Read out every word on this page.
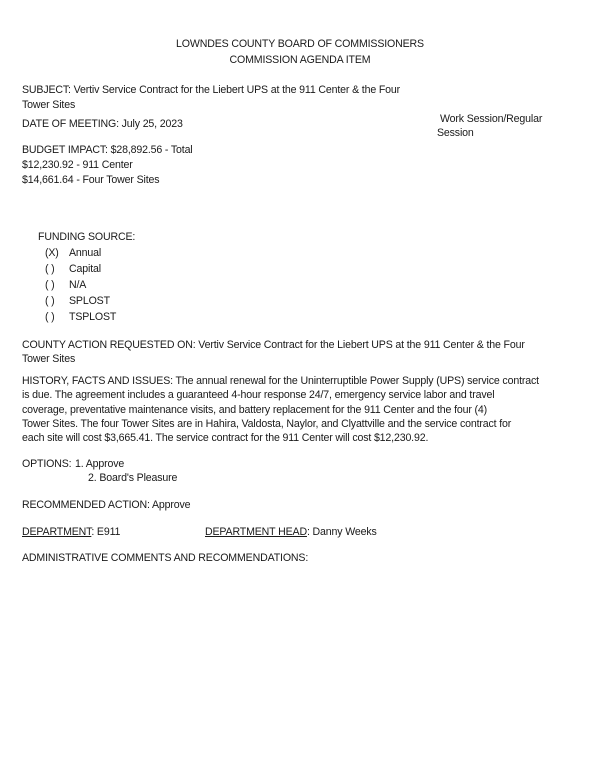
LOWNDES COUNTY BOARD OF COMMISSIONERS
COMMISSION AGENDA ITEM
SUBJECT: Vertiv Service Contract for the Liebert UPS at the 911 Center & the Four
Tower Sites
DATE OF MEETING: July 25, 2023	Work Session/Regular
Session
BUDGET IMPACT: $28,892.56 - Total
$12,230.92 - 911 Center
$14,661.64 - Four Tower Sites
FUNDING SOURCE:
(X) Annual
( ) Capital
( ) N/A
( ) SPLOST
( ) TSPLOST
COUNTY ACTION REQUESTED ON: Vertiv Service Contract for the Liebert UPS at the 911 Center & the Four
Tower Sites
HISTORY, FACTS AND ISSUES: The annual renewal for the Uninterruptible Power Supply (UPS) service contract
is due. The agreement includes a guaranteed 4-hour response 24/7, emergency service labor and travel
coverage, preventative maintenance visits, and battery replacement for the 911 Center and the four (4)
Tower Sites. The four Tower Sites are in Hahira, Valdosta, Naylor, and Clyattville and the service contract for
each site will cost $3,665.41. The service contract for the 911 Center will cost $12,230.92.
OPTIONS: 1. Approve
2. Board's Pleasure
RECOMMENDED ACTION: Approve
DEPARTMENT: E911	DEPARTMENT HEAD: Danny Weeks
ADMINISTRATIVE COMMENTS AND RECOMMENDATIONS:
